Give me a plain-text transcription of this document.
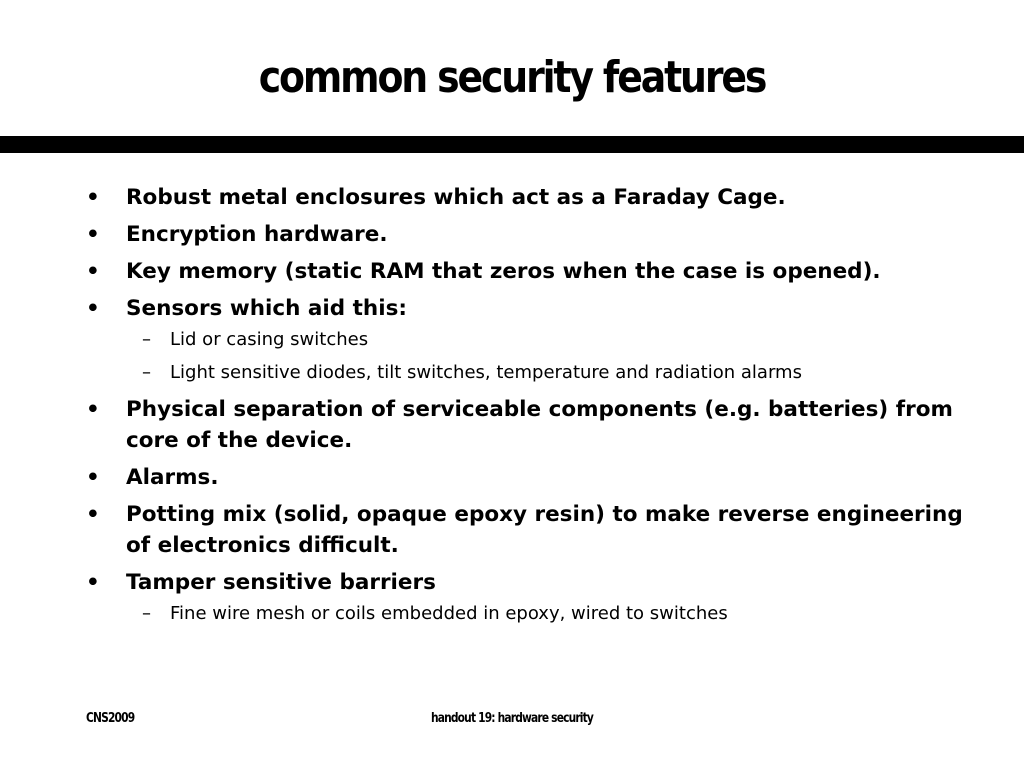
common security features
• Robust metal enclosures which act as a Faraday Cage.
• Encryption hardware.
• Key memory (static RAM that zeros when the case is opened).
• Sensors which aid this:
– Lid or casing switches
– Light sensitive diodes, tilt switches, temperature and radiation alarms
• Physical separation of serviceable components (e.g. batteries) from core of the device.
• Alarms.
• Potting mix (solid, opaque epoxy resin) to make reverse engineering of electronics difficult.
• Tamper sensitive barriers
– Fine wire mesh or coils embedded in epoxy, wired to switches
CNS2009	handout 19: hardware security
